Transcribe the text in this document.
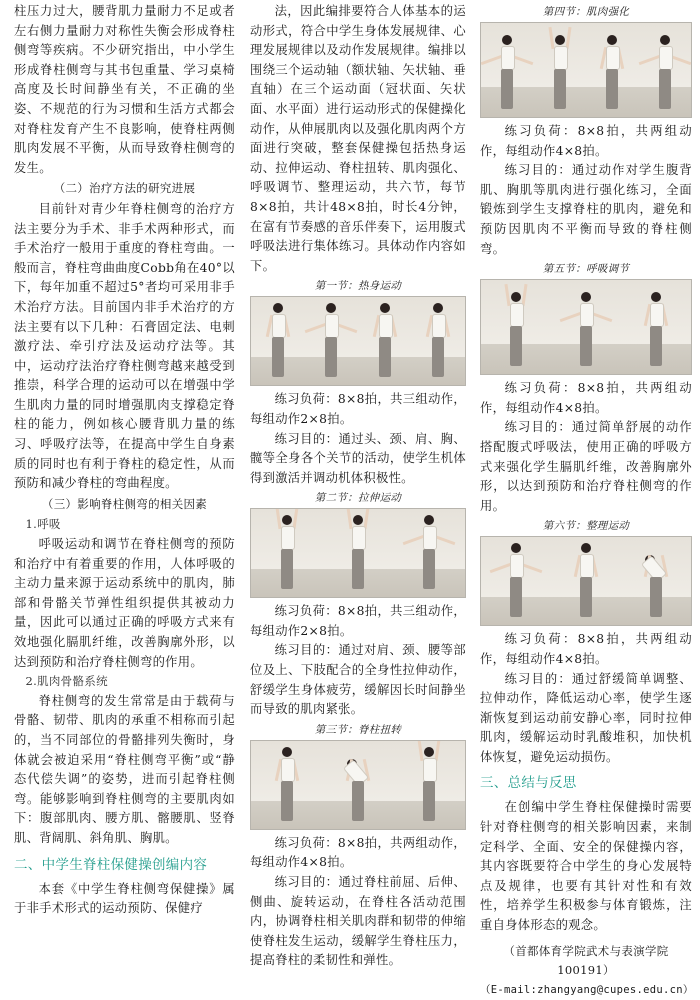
柱压力过大，腰背肌力量耐力不足或者左右侧力量耐力对称性失衡会形成脊柱侧弯等疾病。不少研究指出，中小学生形成脊柱侧弯与其书包重量、学习桌椅高度及长时间静坐有关，不正确的坐姿、不规范的行为习惯和生活方式都会对脊柱发育产生不良影响，使脊柱两侧肌肉发展不平衡，从而导致脊柱侧弯的发生。

（二）治疗方法的研究进展

目前针对青少年脊柱侧弯的治疗方法主要分为手术、非手术两种形式，而手术治疗一般用于重度的脊柱弯曲。一般而言，脊柱弯曲曲度Cobb角在40°以下，每年加重不超过5°者均可采用非手术治疗方法。目前国内非手术治疗的方法主要有以下几种：石膏固定法、电刺激疗法、牵引疗法及运动疗法等。其中，运动疗法治疗脊柱侧弯越来越受到推崇，科学合理的运动可以在增强中学生肌肉力量的同时增强肌肉支撑稳定脊柱的能力，例如核心腰背肌力量的练习、呼吸疗法等，在提高中学生自身素质的同时也有利于脊柱的稳定性，从而预防和减少脊柱的弯曲程度。

（三）影响脊柱侧弯的相关因素

1.呼吸

呼吸运动和调节在脊柱侧弯的预防和治疗中有着重要的作用，人体呼吸的主动力量来源于运动系统中的肌肉，肺部和骨骼关节弹性组织提供其被动力量，因此可以通过正确的呼吸方式来有效地强化膈肌纤维，改善胸廓外形，以达到预防和治疗脊柱侧弯的作用。

2.肌肉骨骼系统

脊柱侧弯的发生常常是由于载荷与骨骼、韧带、肌肉的承重不相称而引起的，当不同部位的骨骼排列失衡时，身体就会被迫采用“脊柱侧弯平衡”或“静态代偿失调”的姿势，进而引起脊柱侧弯。能够影响到脊柱侧弯的主要肌肉如下：腹部肌肉、腰方肌、髂腰肌、竖脊肌、背阔肌、斜角肌、胸肌。

二、中学生脊柱保健操创编内容

本套《中学生脊柱侧弯保健操》属于非手术形式的运动预防、保健疗

法，因此编排要符合人体基本的运动形式，符合中学生身体发展规律、心理发展规律以及动作发展规律。编排以围绕三个运动轴（额状轴、矢状轴、垂直轴）在三个运动面（冠状面、矢状面、水平面）进行运动形式的保健操化动作，从伸展肌肉以及强化肌肉两个方面进行突破，整套保健操包括热身运动、拉伸运动、脊柱扭转、肌肉强化、呼吸调节、整理运动，共六节，每节8×8拍，共计48×8拍，时长4分钟，在富有节奏感的音乐伴奏下，运用腹式呼吸法进行集体练习。具体动作内容如下。

第一节：热身运动

练习负荷：8×8拍，共三组动作，每组动作2×8拍。

练习目的：通过头、颈、肩、胸、髋等全身各个关节的活动，使学生机体得到激活并调动机体积极性。

第二节：拉伸运动

练习负荷：8×8拍，共三组动作，每组动作2×8拍。

练习目的：通过对肩、颈、腰等部位及上、下肢配合的全身性拉伸动作，舒缓学生身体疲劳，缓解因长时间静坐而导致的肌肉紧张。

第三节：脊柱扭转

练习负荷：8×8拍，共两组动作，每组动作4×8拍。

练习目的：通过脊柱前屈、后伸、侧曲、旋转运动，在脊柱各活动范围内，协调脊柱相关肌肉群和韧带的伸缩使脊柱发生运动，缓解学生脊柱压力，提高脊柱的柔韧性和弹性。

第四节：肌肉强化

练习负荷：8×8拍，共两组动作，每组动作4×8拍。

练习目的：通过动作对学生腹背肌、胸肌等肌肉进行强化练习，全面锻炼到学生支撑脊柱的肌肉，避免和预防因肌肉不平衡而导致的脊柱侧弯。

第五节：呼吸调节

练习负荷：8×8拍，共两组动作，每组动作4×8拍。

练习目的：通过简单舒展的动作搭配腹式呼吸法，使用正确的呼吸方式来强化学生膈肌纤维，改善胸廓外形，以达到预防和治疗脊柱侧弯的作用。

第六节：整理运动

练习负荷：8×8拍，共两组动作，每组动作4×8拍。

练习目的：通过舒缓简单调整、拉伸动作，降低运动心率，使学生逐渐恢复到运动前安静心率，同时拉伸肌肉，缓解运动时乳酸堆积，加快机体恢复，避免运动损伤。

三、总结与反思

在创编中学生脊柱保健操时需要针对脊柱侧弯的相关影响因素，来制定科学、全面、安全的保健操内容，其内容既要符合中学生的身心发展特点及规律，也要有其针对性和有效性，培养学生积极参与体育锻炼，注重自身体形态的观念。

（首都体育学院武术与表演学院　100191）

（E-mail:zhangyang@cupes.edu.cn）
